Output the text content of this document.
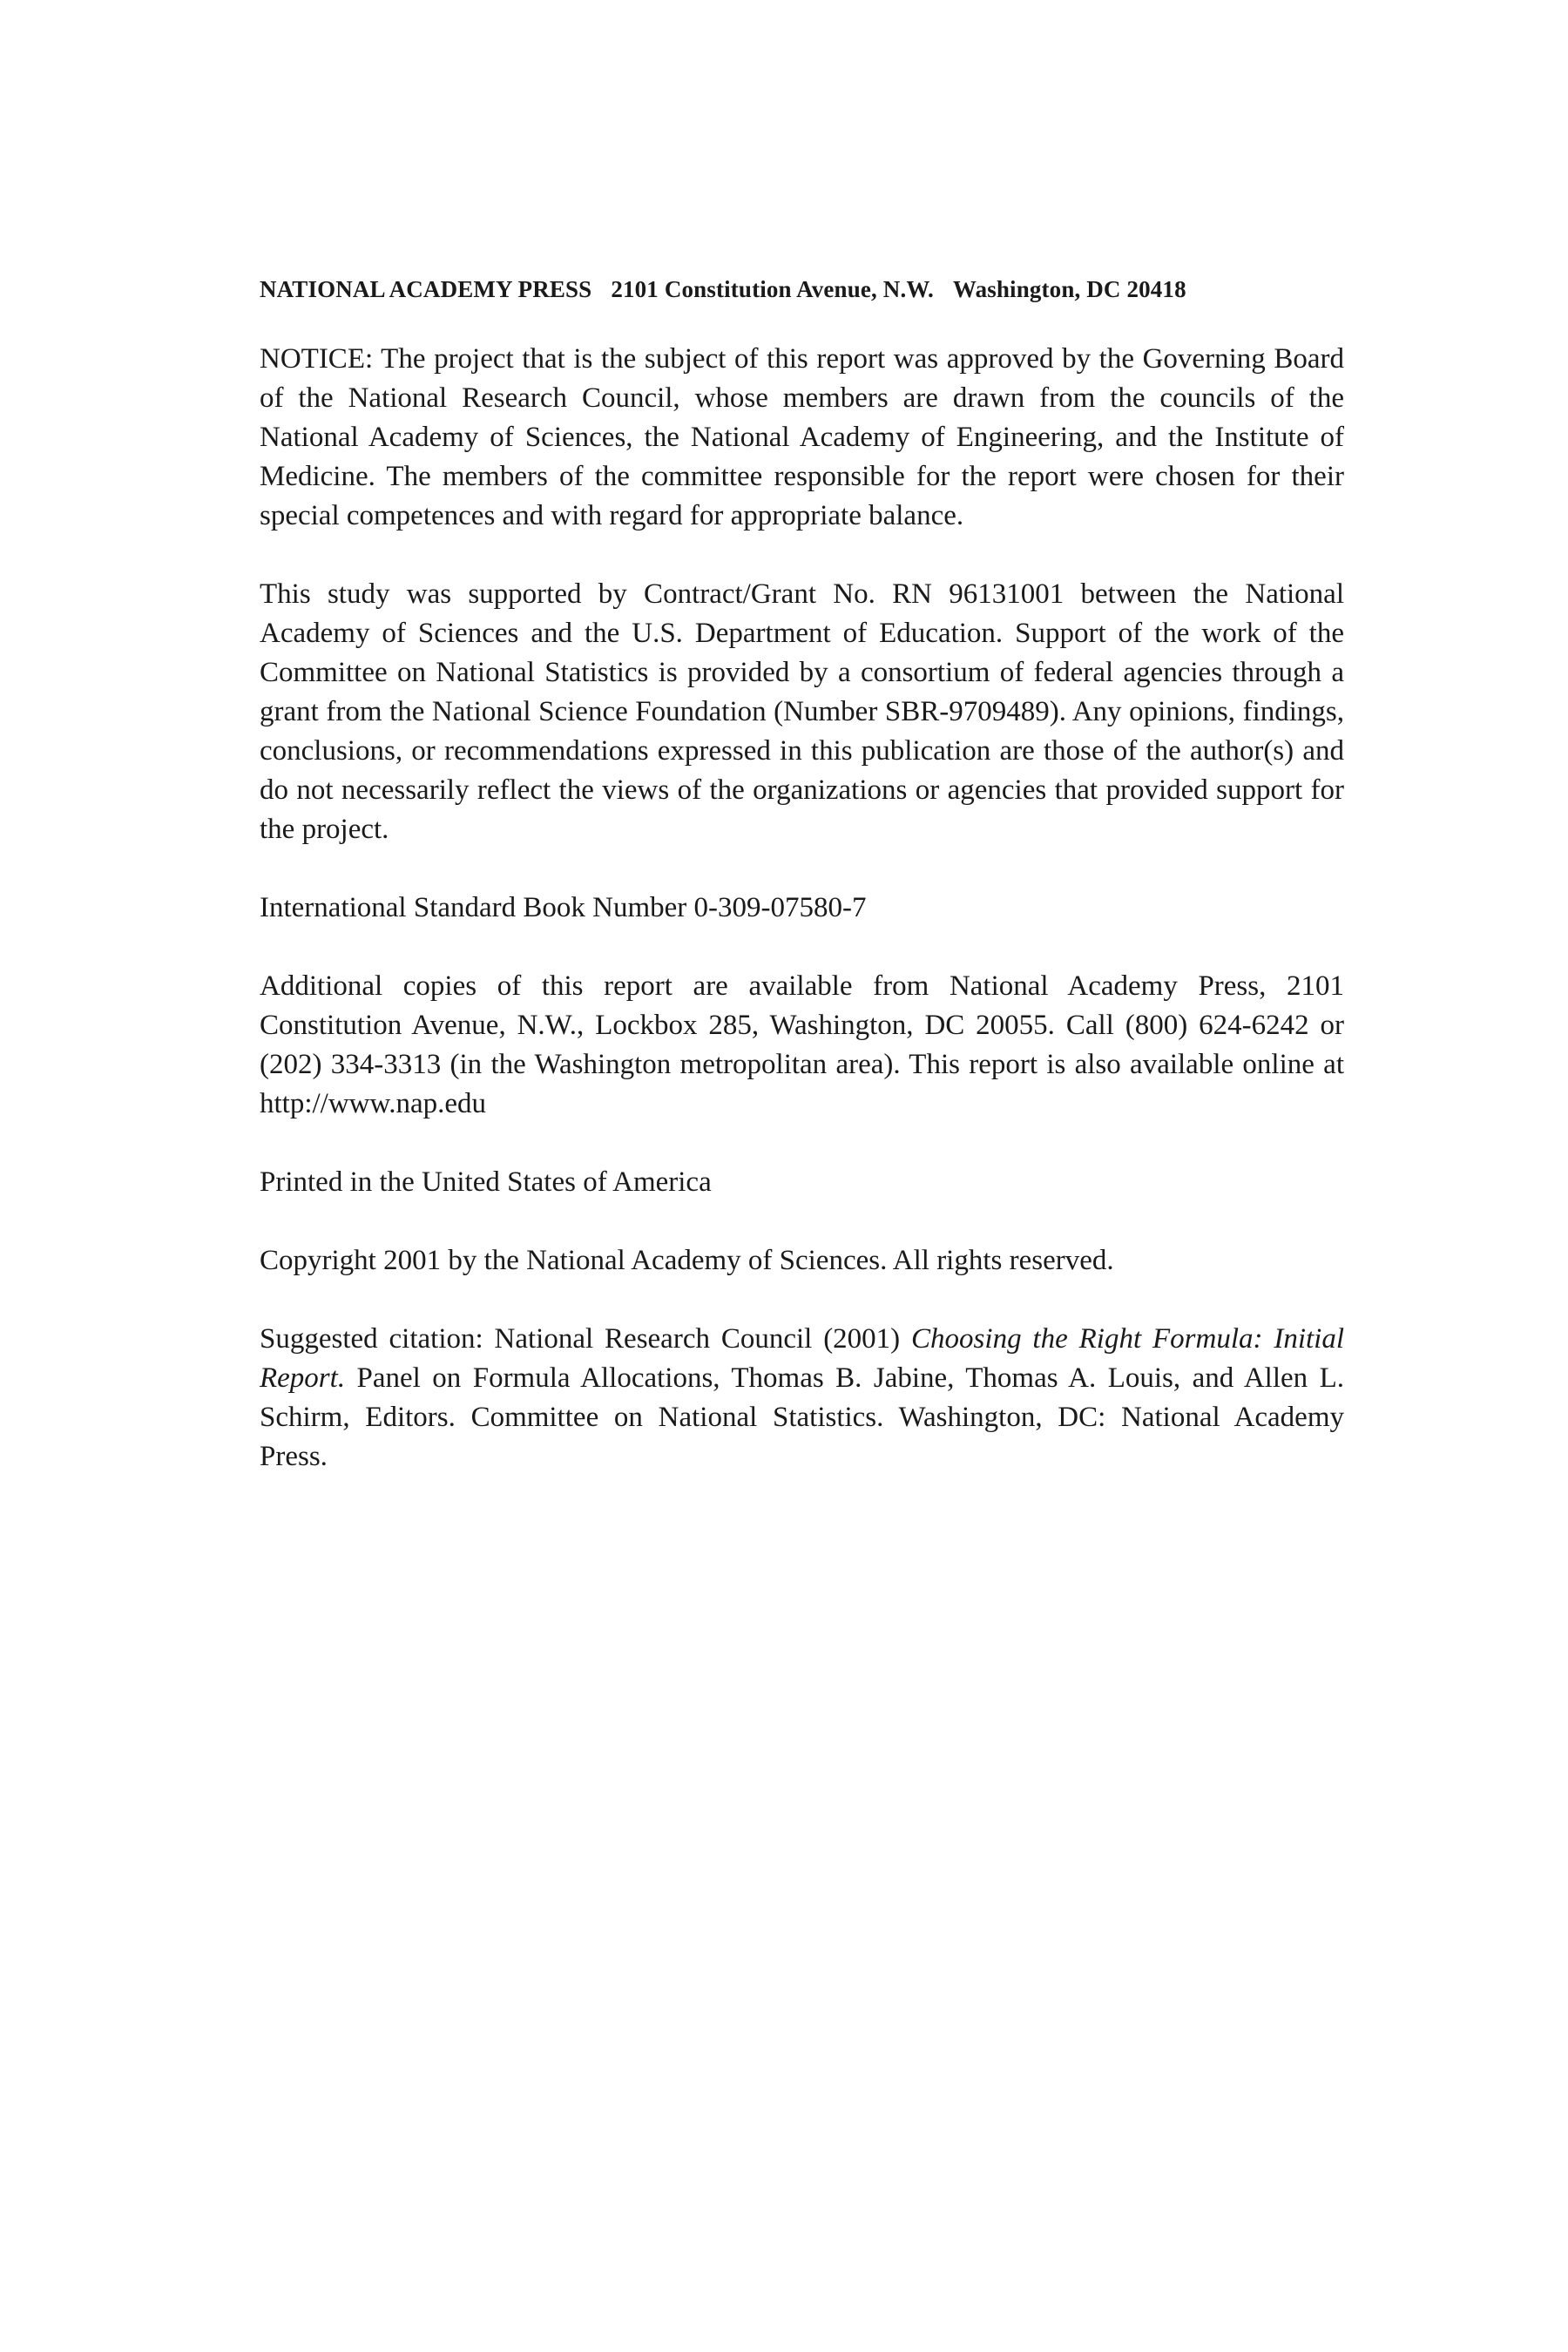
NATIONAL ACADEMY PRESS 2101 Constitution Avenue, N.W. Washington, DC 20418

NOTICE: The project that is the subject of this report was approved by the Governing Board of the National Research Council, whose members are drawn from the councils of the National Academy of Sciences, the National Academy of Engineering, and the Institute of Medicine. The members of the committee responsible for the report were chosen for their special competences and with regard for appropriate balance.

This study was supported by Contract/Grant No. RN 96131001 between the National Academy of Sciences and the U.S. Department of Education. Support of the work of the Committee on National Statistics is provided by a consortium of federal agencies through a grant from the National Science Foundation (Number SBR-9709489). Any opinions, findings, conclusions, or recommendations expressed in this publication are those of the author(s) and do not necessarily reflect the views of the organizations or agencies that provided support for the project.

International Standard Book Number 0-309-07580-7

Additional copies of this report are available from National Academy Press, 2101 Constitution Avenue, N.W., Lockbox 285, Washington, DC 20055. Call (800) 624-6242 or (202) 334-3313 (in the Washington metropolitan area). This report is also available online at http://www.nap.edu

Printed in the United States of America

Copyright 2001 by the National Academy of Sciences. All rights reserved.

Suggested citation: National Research Council (2001) Choosing the Right Formula: Initial Report. Panel on Formula Allocations, Thomas B. Jabine, Thomas A. Louis, and Allen L. Schirm, Editors. Committee on National Statistics. Washington, DC: National Academy Press.
